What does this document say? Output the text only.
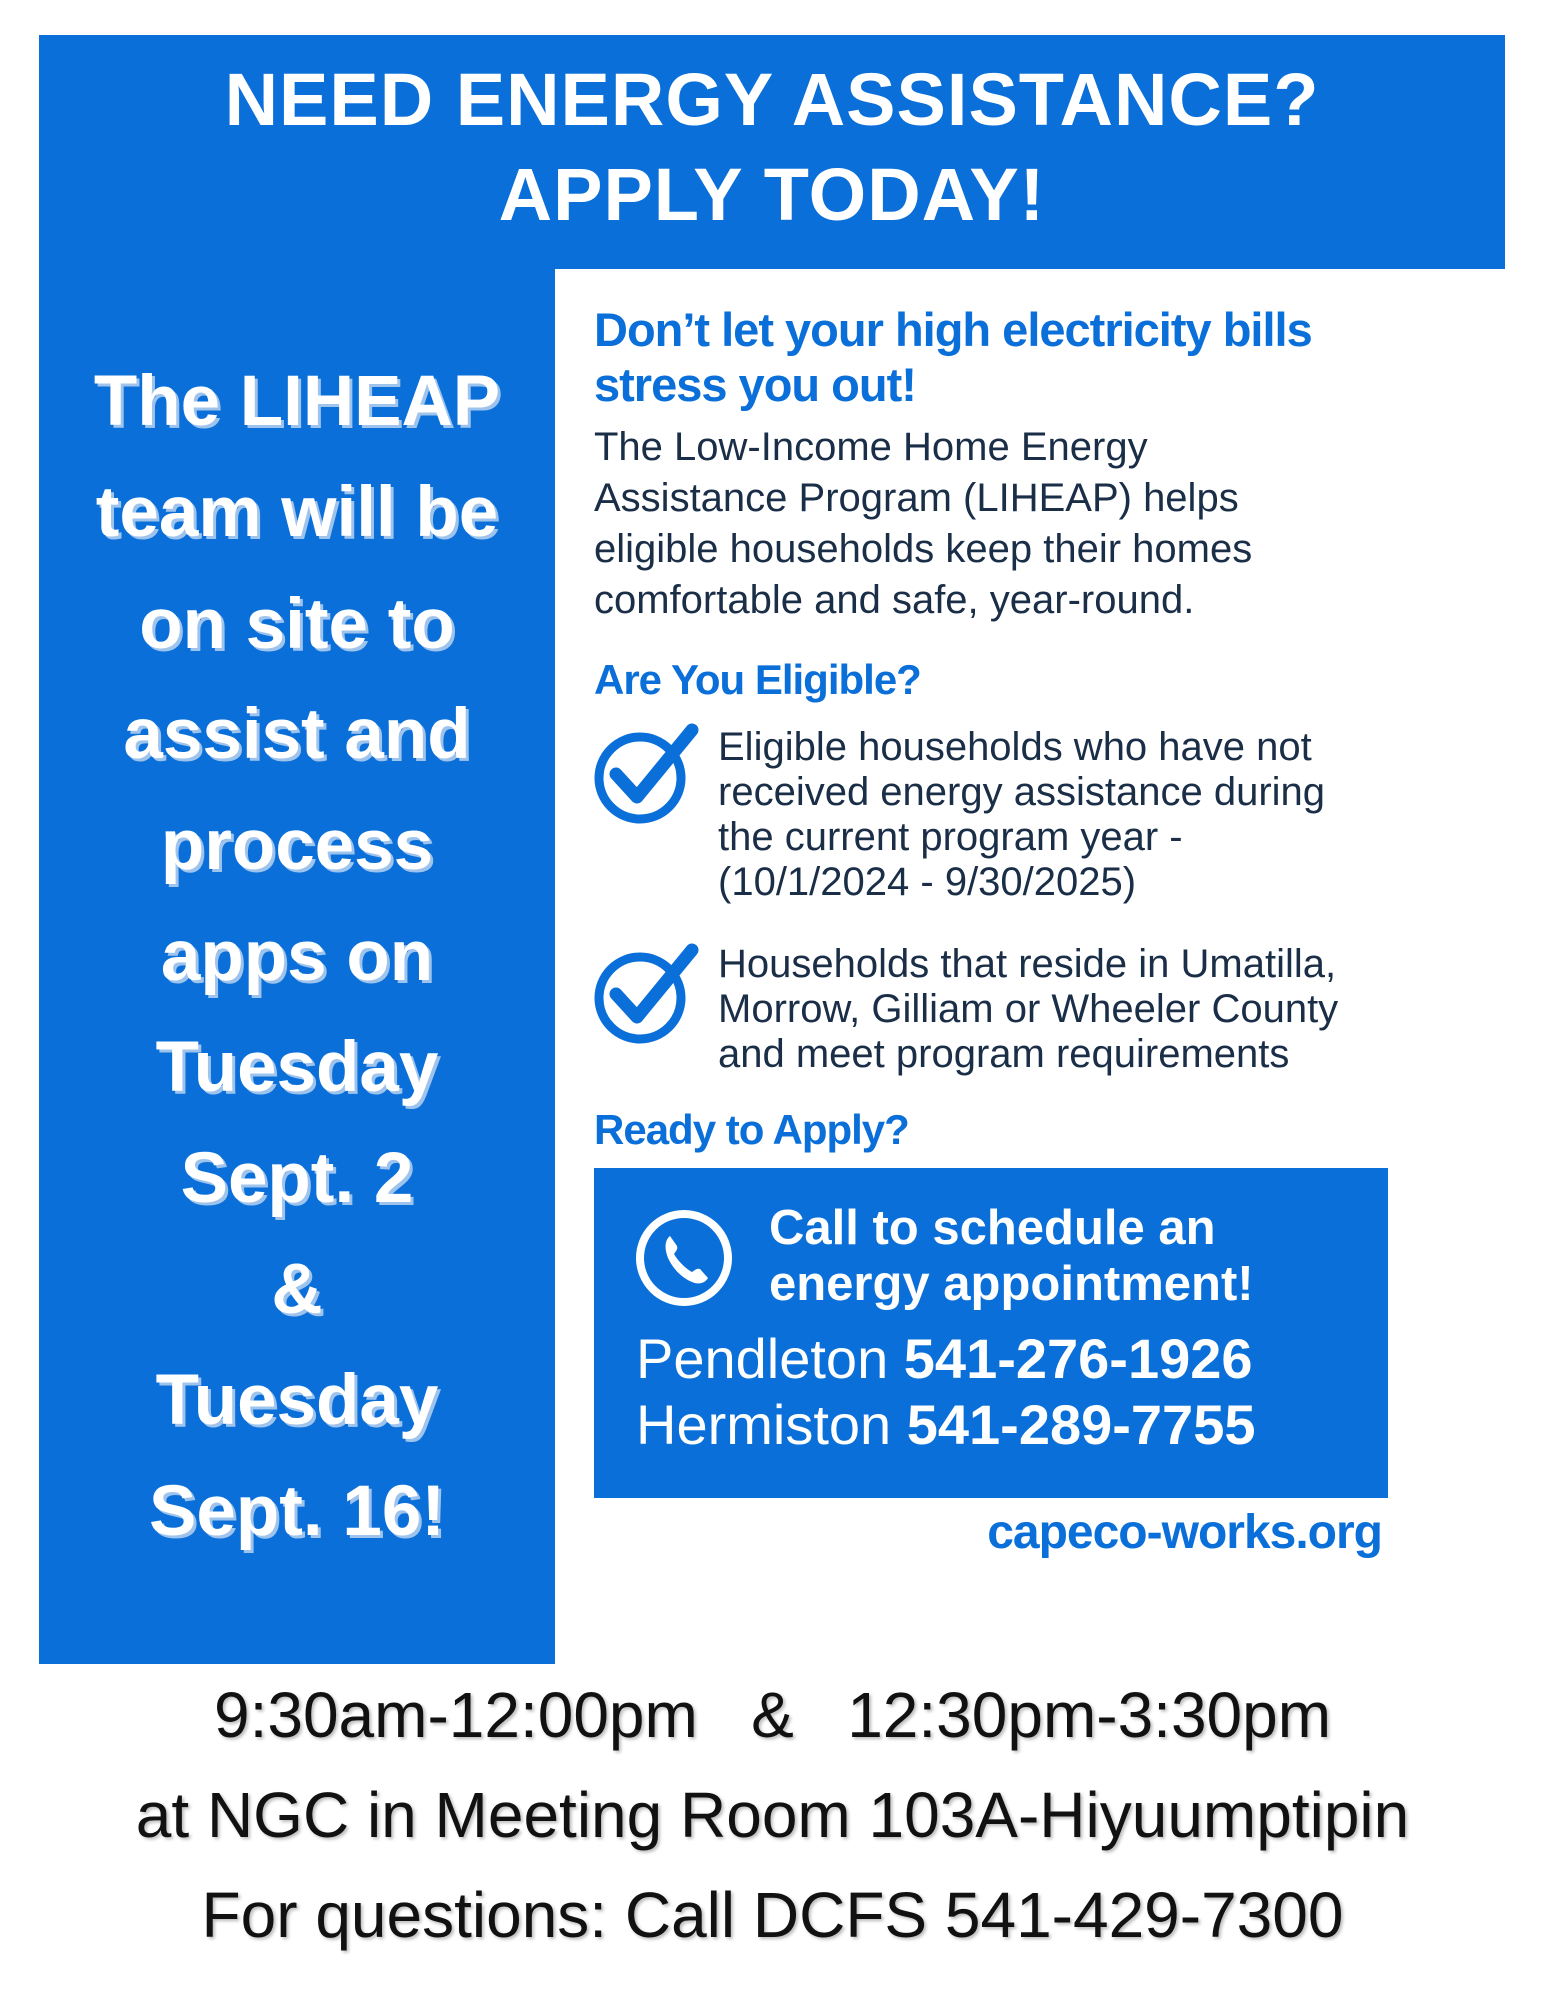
NEED ENERGY ASSISTANCE?
APPLY TODAY!
The LIHEAP
team will be
on site to
assist and
process
apps on
Tuesday
Sept. 2
&
Tuesday
Sept. 16!
Don’t let your high electricity bills
stress you out!
The Low-Income Home Energy
Assistance Program (LIHEAP) helps
eligible households keep their homes
comfortable and safe, year-round.
Are You Eligible?
Eligible households who have not
received energy assistance during
the current program year -
(10/1/2024 - 9/30/2025)
Households that reside in Umatilla,
Morrow, Gilliam or Wheeler County
and meet program requirements
Ready to Apply?
Call to schedule an
energy appointment!
Pendleton 541-276-1926
Hermiston 541-289-7755
capeco-works.org
9:30am-12:00pm   &   12:30pm-3:30pm
at NGC in Meeting Room 103A-Hiyuumptipin
For questions: Call DCFS 541-429-7300
